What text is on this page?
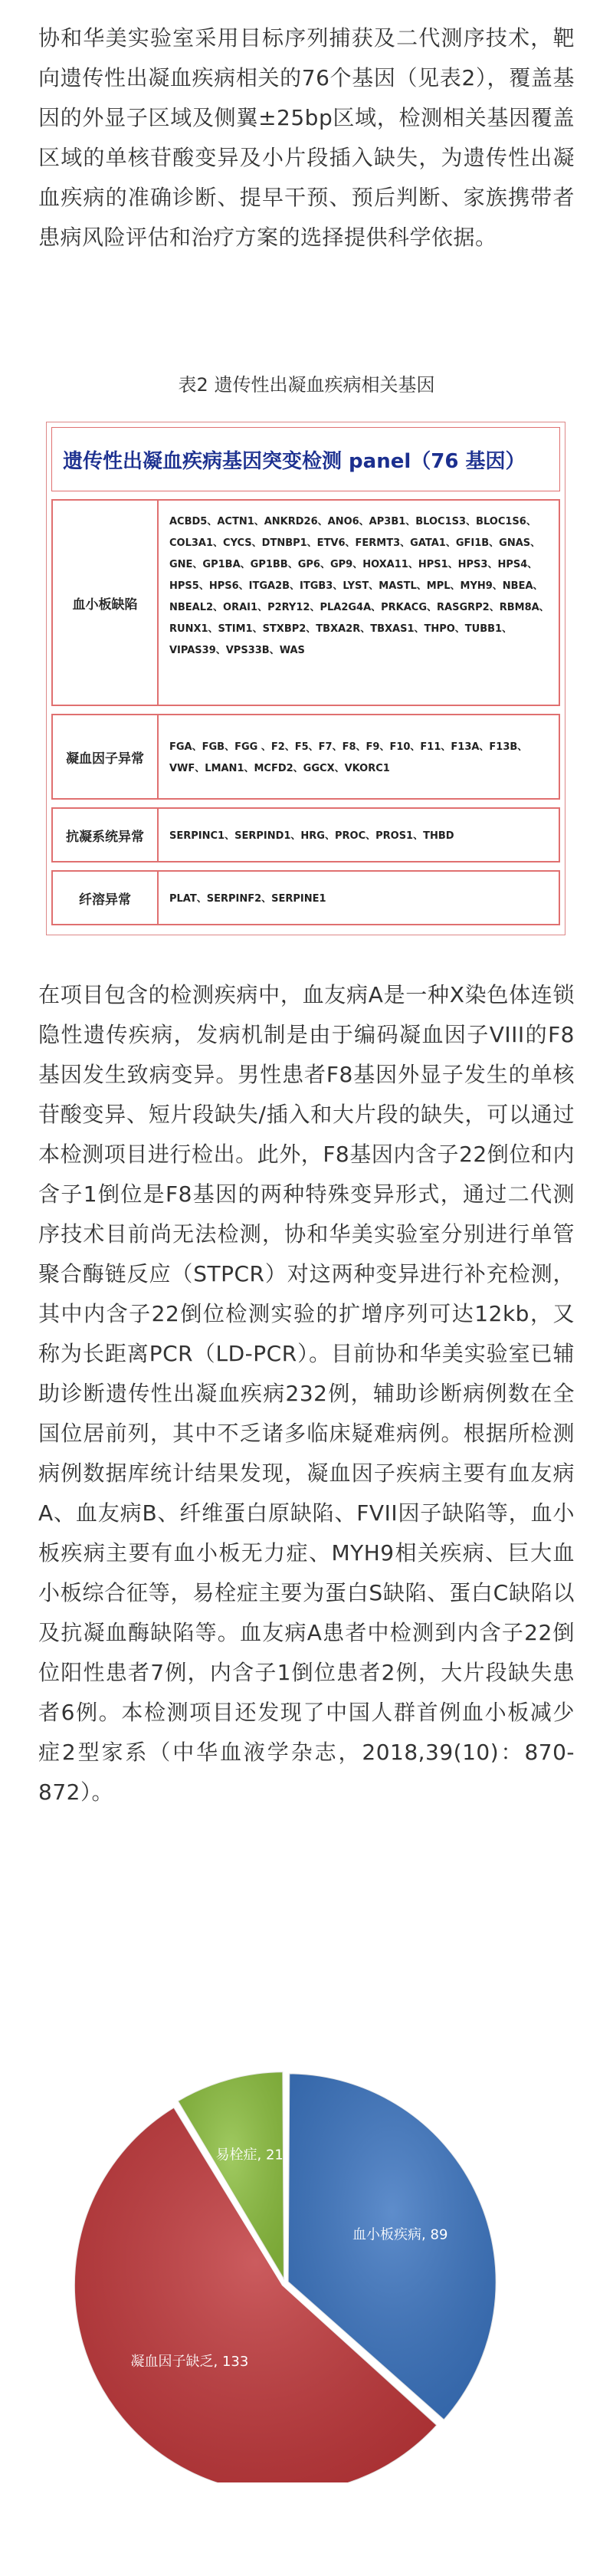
协和华美实验室采用目标序列捕获及二代测序技术，靶向遗传性出凝血疾病相关的76个基因（见表2），覆盖基因的外显子区域及侧翼±25bp区域，检测相关基因覆盖区域的单核苷酸变异及小片段插入缺失，为遗传性出凝血疾病的准确诊断、提早干预、预后判断、家族携带者患病风险评估和治疗方案的选择提供科学依据。

表2 遗传性出凝血疾病相关基因
遗传性出凝血疾病基因突变检测 panel（76 基因）
血小板缺陷
ACBD5、ACTN1、ANKRD26、ANO6、AP3B1、BLOC1S3、BLOC1S6、COL3A1、CYCS、DTNBP1、ETV6、FERMT3、GATA1、GFI1B、GNAS、GNE、GP1BA、GP1BB、GP6、GP9、HOXA11、HPS1、HPS3、HPS4、HPS5、HPS6、ITGA2B、ITGB3、LYST、MASTL、MPL、MYH9、NBEA、NBEAL2、ORAI1、P2RY12、PLA2G4A、PRKACG、RASGRP2、RBM8A、RUNX1、STIM1、STXBP2、TBXA2R、TBXAS1、THPO、TUBB1、VIPAS39、VPS33B、WAS
凝血因子异常
FGA、FGB、FGG 、F2、F5、F7、F8、F9、F10、F11、F13A、F13B、VWF、LMAN1、MCFD2、GGCX、VKORC1
抗凝系统异常	SERPINC1、SERPIND1、HRG、PROC、PROS1、THBD
纤溶异常	PLAT、SERPINF2、SERPINE1

在项目包含的检测疾病中，血友病A是一种X染色体连锁隐性遗传疾病，发病机制是由于编码凝血因子VIII的F8基因发生致病变异。男性患者F8基因外显子发生的单核苷酸变异、短片段缺失/插入和大片段的缺失，可以通过本检测项目进行检出。此外，F8基因内含子22倒位和内含子1倒位是F8基因的两种特殊变异形式，通过二代测序技术目前尚无法检测，协和华美实验室分别进行单管聚合酶链反应（STPCR）对这两种变异进行补充检测，其中内含子22倒位检测实验的扩增序列可达12kb，又称为长距离PCR（LD-PCR）。目前协和华美实验室已辅助诊断遗传性出凝血疾病232例，辅助诊断病例数在全国位居前列，其中不乏诸多临床疑难病例。根据所检测病例数据库统计结果发现，凝血因子疾病主要有血友病A、血友病B、纤维蛋白原缺陷、FVII因子缺陷等，血小板疾病主要有血小板无力症、MYH9相关疾病、巨大血小板综合征等，易栓症主要为蛋白S缺陷、蛋白C缺陷以及抗凝血酶缺陷等。血友病A患者中检测到内含子22倒位阳性患者7例，内含子1倒位患者2例，大片段缺失患者6例。本检测项目还发现了中国人群首例血小板减少症2型家系（中华血液学杂志，2018,39(10)：870-872）。

血小板疾病, 89
凝血因子缺乏, 133
易栓症, 21
